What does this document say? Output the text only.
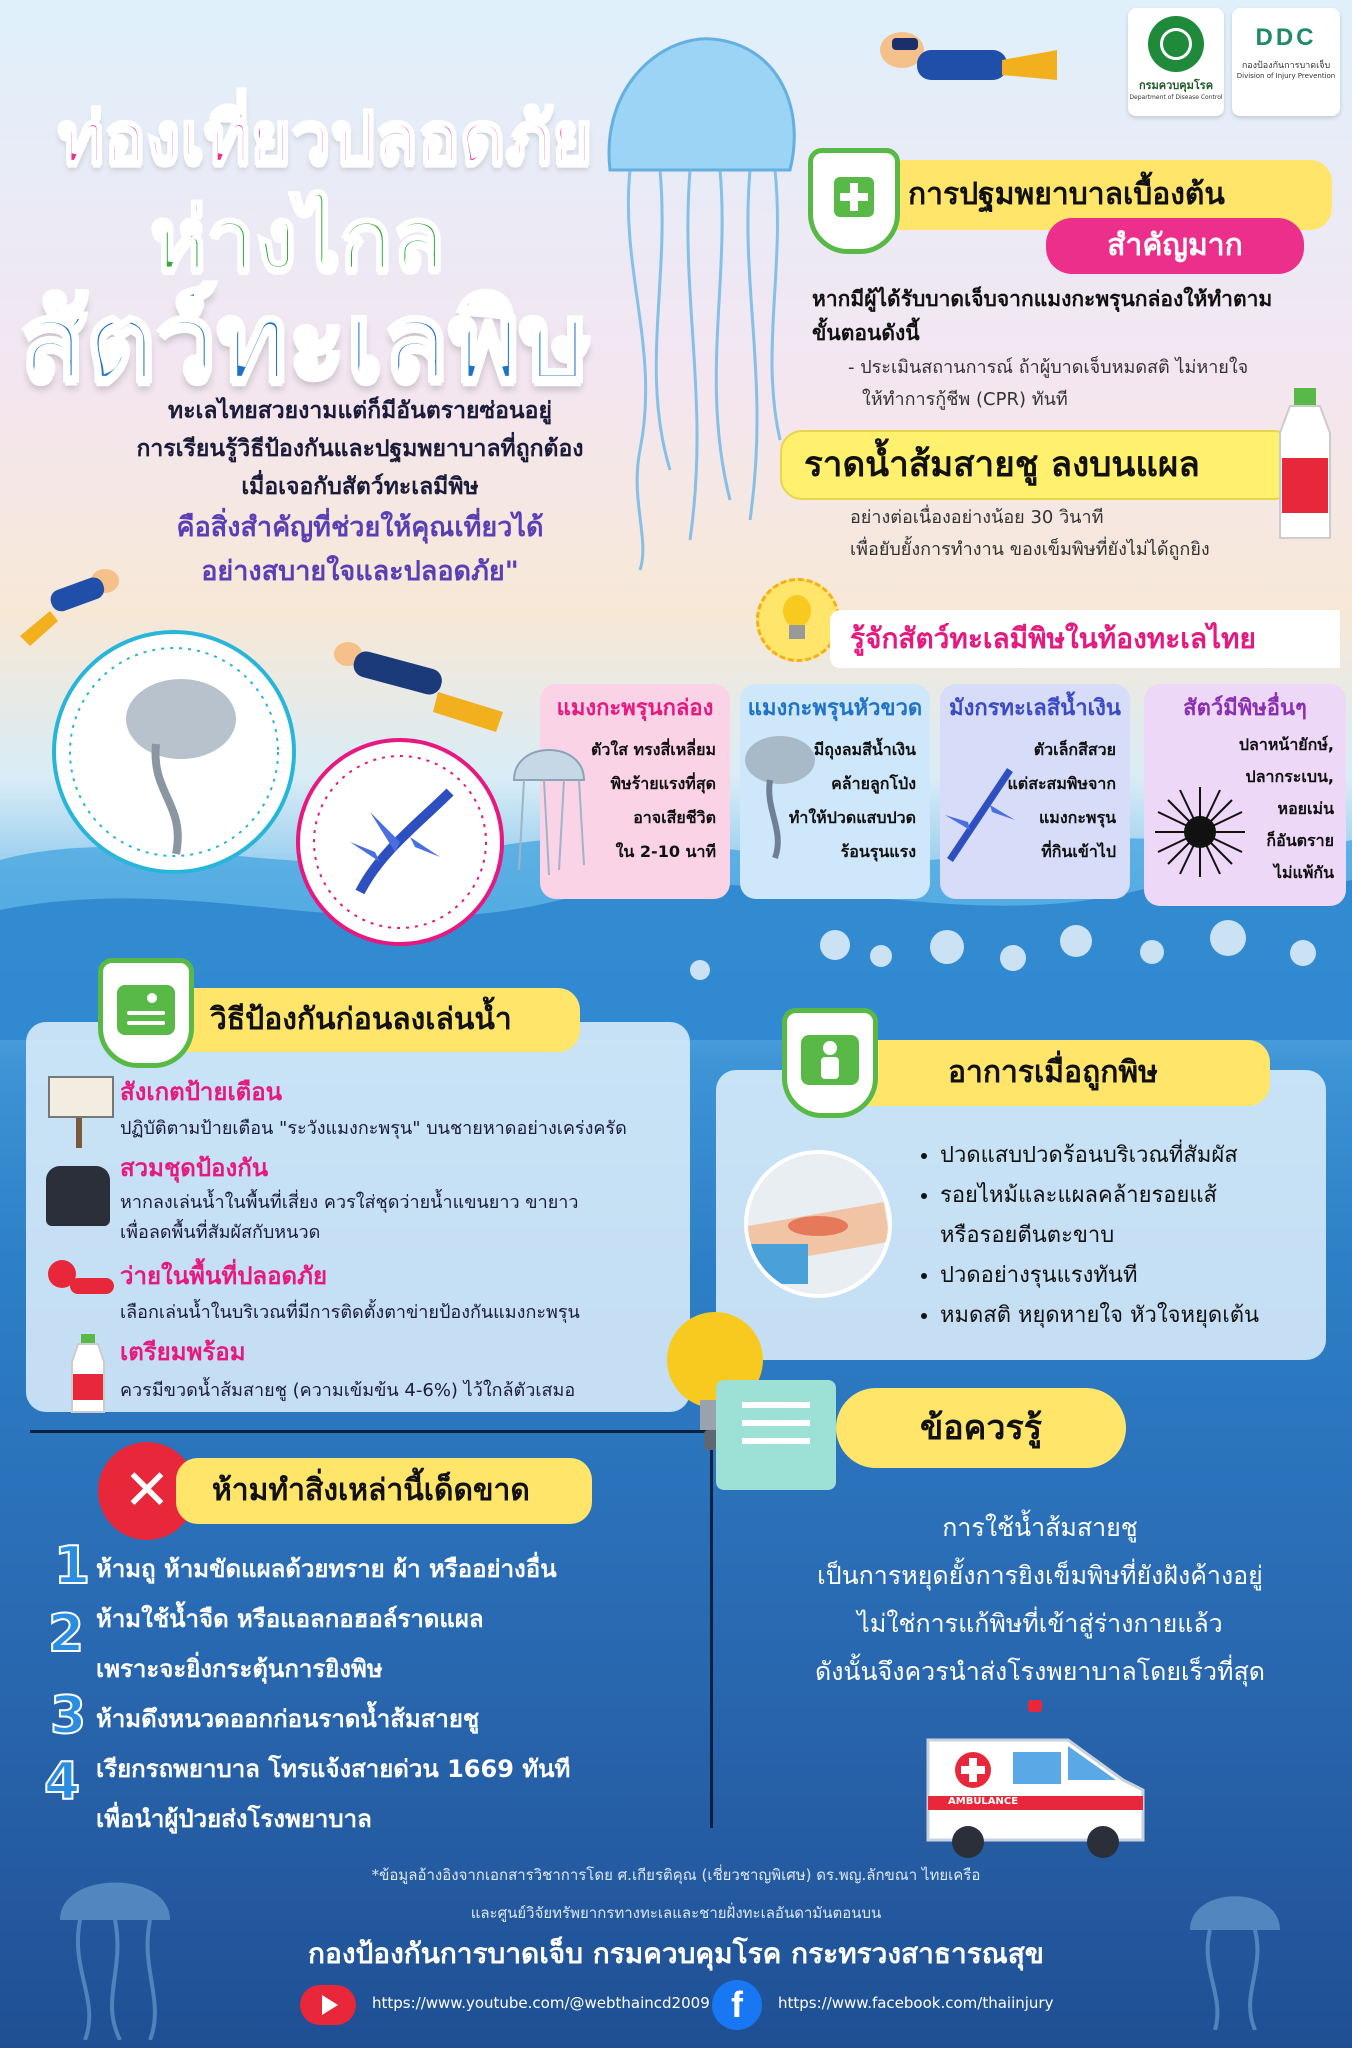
ท่องเที่ยวปลอดภัย
ห่างไกล
สัตว์ทะเลพิษ
กรมควบคุมโรค
Department of Disease Control
DDC
กองป้องกันการบาดเจ็บ
Division of Injury Prevention
การปฐมพยาบาลเบื้องต้น
สำคัญมาก
หากมีผู้ได้รับบาดเจ็บจากแมงกะพรุนกล่องให้ทำตาม
ขั้นตอนดังนี้
- ประเมินสถานการณ์ ถ้าผู้บาดเจ็บหมดสติ ไม่หายใจ
ให้ทำการกู้ชีพ (CPR) ทันที
ราดน้ำส้มสายชู ลงบนแผล
อย่างต่อเนื่องอย่างน้อย 30 วินาที
เพื่อยับยั้งการทำงาน ของเข็มพิษที่ยังไม่ได้ถูกยิง
ทะเลไทยสวยงามแต่ก็มีอันตรายซ่อนอยู่
การเรียนรู้วิธีป้องกันและปฐมพยาบาลที่ถูกต้อง
เมื่อเจอกับสัตว์ทะเลมีพิษ
คือสิ่งสำคัญที่ช่วยให้คุณเที่ยวได้
อย่างสบายใจและปลอดภัย"
รู้จักสัตว์ทะเลมีพิษในท้องทะเลไทย
แมงกะพรุนกล่อง
ตัวใส ทรงสี่เหลี่ยม
พิษร้ายแรงที่สุด
อาจเสียชีวิต
ใน 2-10 นาที
แมงกะพรุนหัวขวด
มีถุงลมสีน้ำเงิน
คล้ายลูกโป่ง
ทำให้ปวดแสบปวด
ร้อนรุนแรง
มังกรทะเลสีน้ำเงิน
ตัวเล็กสีสวย
แต่สะสมพิษจาก
แมงกะพรุน
ที่กินเข้าไป
สัตว์มีพิษอื่นๆ
ปลาหน้ายักษ์,
ปลากระเบน,
หอยเม่น
ก็อันตราย
ไม่แพ้กัน
วิธีป้องกันก่อนลงเล่นน้ำ
สังเกตป้ายเตือน
ปฏิบัติตามป้ายเตือน "ระวังแมงกะพรุน" บนชายหาดอย่างเคร่งครัด
สวมชุดป้องกัน
หากลงเล่นน้ำในพื้นที่เสี่ยง ควรใส่ชุดว่ายน้ำแขนยาว ขายาว
เพื่อลดพื้นที่สัมผัสกับหนวด
ว่ายในพื้นที่ปลอดภัย
เลือกเล่นน้ำในบริเวณที่มีการติดตั้งตาข่ายป้องกันแมงกะพรุน
เตรียมพร้อม
ควรมีขวดน้ำส้มสายชู (ความเข้มข้น 4-6%) ไว้ใกล้ตัวเสมอ
อาการเมื่อถูกพิษ
• ปวดแสบปวดร้อนบริเวณที่สัมผัส
• รอยไหม้และแผลคล้ายรอยแส้
หรือรอยตีนตะขาบ
• ปวดอย่างรุนแรงทันที
• หมดสติ หยุดหายใจ หัวใจหยุดเต้น
✕	ห้ามทำสิ่งเหล่านี้เด็ดขาด
1 ห้ามถู ห้ามขัดแผลด้วยทราย ผ้า หรืออย่างอื่น
2 ห้ามใช้น้ำจืด หรือแอลกอฮอล์ราดแผล
เพราะจะยิ่งกระตุ้นการยิงพิษ
3 ห้ามดึงหนวดออกก่อนราดน้ำส้มสายชู
4 เรียกรถพยาบาล โทรแจ้งสายด่วน 1669 ทันที
เพื่อนำผู้ป่วยส่งโรงพยาบาล
ข้อควรรู้
การใช้น้ำส้มสายชู
เป็นการหยุดยั้งการยิงเข็มพิษที่ยังฝังค้างอยู่
ไม่ใช่การแก้พิษที่เข้าสู่ร่างกายแล้ว
ดังนั้นจึงควรนำส่งโรงพยาบาลโดยเร็วที่สุด
AMBULANCE
*ข้อมูลอ้างอิงจากเอกสารวิชาการโดย ศ.เกียรติคุณ (เชี่ยวชาญพิเศษ) ดร.พญ.ลักขณา ไทยเครือ
และศูนย์วิจัยทรัพยากรทางทะเลและชายฝั่งทะเลอันดามันตอนบน
กองป้องกันการบาดเจ็บ กรมควบคุมโรค กระทรวงสาธารณสุข
https://www.youtube.com/@webthaincd2009 f	https://www.facebook.com/thaiinjury
